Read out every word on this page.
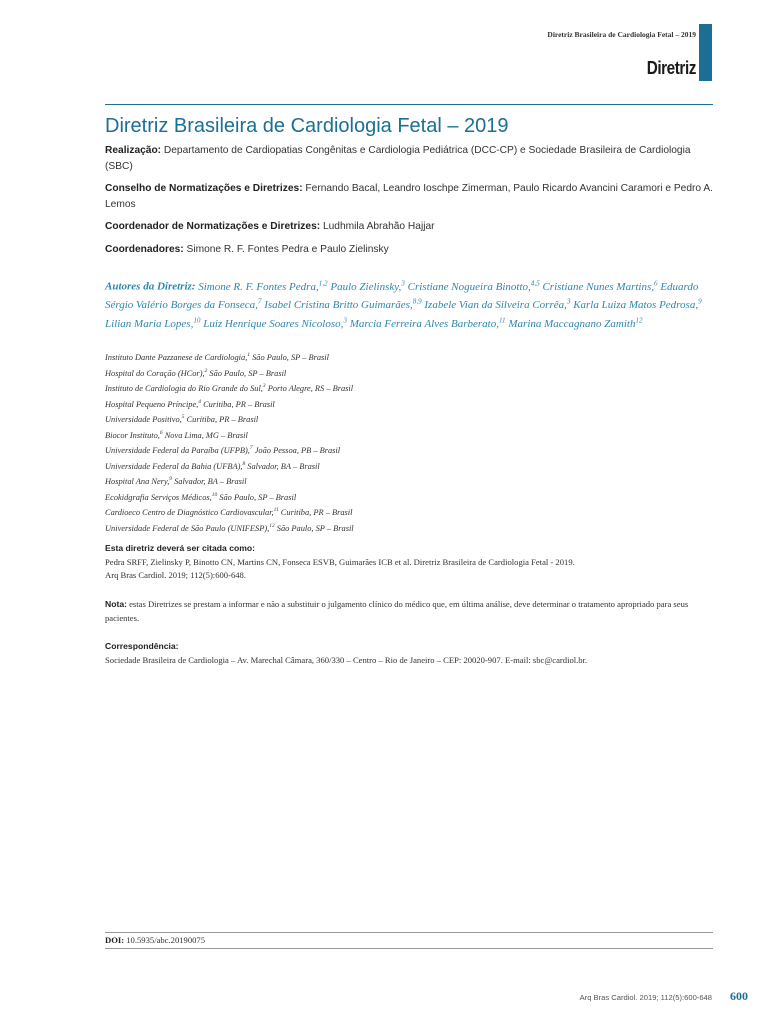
Diretriz Brasileira de Cardiologia Fetal – 2019
Diretriz
Diretriz Brasileira de Cardiologia Fetal – 2019
Realização: Departamento de Cardiopatias Congênitas e Cardiologia Pediátrica (DCC-CP) e Sociedade Brasileira de Cardiologia (SBC)
Conselho de Normatizações e Diretrizes: Fernando Bacal, Leandro Ioschpe Zimerman, Paulo Ricardo Avancini Caramori e Pedro A. Lemos
Coordenador de Normatizações e Diretrizes: Ludhmila Abrahão Hajjar
Coordenadores: Simone R. F. Fontes Pedra e Paulo Zielinsky
Autores da Diretriz: Simone R. F. Fontes Pedra,$^{1,2}$ Paulo Zielinsky,$^3$ Cristiane Nogueira Binotto,$^{4,5}$ Cristiane Nunes Martins,$^6$ Eduardo Sérgio Valério Borges da Fonseca,$^7$ Isabel Cristina Britto Guimarães,$^{8,9}$ Izabele Vian da Silveira Corrêa,$^3$ Karla Luiza Matos Pedrosa,$^9$ Lilian Maria Lopes,$^{10}$ Luiz Henrique Soares Nicoloso,$^3$ Marcia Ferreira Alves Barberato,$^{11}$ Marina Maccagnano Zamith$^{12}$
Instituto Dante Pazzanese de Cardiologia,$^1$ São Paulo, SP – Brasil
Hospital do Coração (HCor),$^2$ São Paulo, SP – Brasil
Instituto de Cardiologia do Rio Grande do Sul,$^3$ Porto Alegre, RS – Brasil
Hospital Pequeno Príncipe,$^4$ Curitiba, PR – Brasil
Universidade Positivo,$^5$ Curitiba, PR – Brasil
Biocor Instituto,$^6$ Nova Lima, MG – Brasil
Universidade Federal da Paraíba (UFPB),$^7$ João Pessoa, PB – Brasil
Universidade Federal da Bahia (UFBA),$^8$ Salvador, BA – Brasil
Hospital Ana Nery,$^9$ Salvador, BA – Brasil
Ecokidgrafia Serviços Médicos,$^{10}$ São Paulo, SP – Brasil
Cardioeco Centro de Diagnóstico Cardiovascular,$^{11}$ Curitiba, PR – Brasil
Universidade Federal de São Paulo (UNIFESP),$^{12}$ São Paulo, SP – Brasil
Esta diretriz deverá ser citada como:
Pedra SRFF, Zielinsky P, Binotto CN, Martins CN, Fonseca ESVB, Guimarães ICB et al. Diretriz Brasileira de Cardiologia Fetal - 2019.
Arq Bras Cardiol. 2019; 112(5):600-648.
Nota: estas Diretrizes se prestam a informar e não a substituir o julgamento clínico do médico que, em última análise, deve determinar o tratamento apropriado para seus pacientes.
Correspondência:
Sociedade Brasileira de Cardiologia – Av. Marechal Câmara, 360/330 – Centro – Rio de Janeiro – CEP: 20020-907. E-mail: sbc@cardiol.br.
DOI: 10.5935/abc.20190075
Arq Bras Cardiol. 2019; 112(5):600-648 600
